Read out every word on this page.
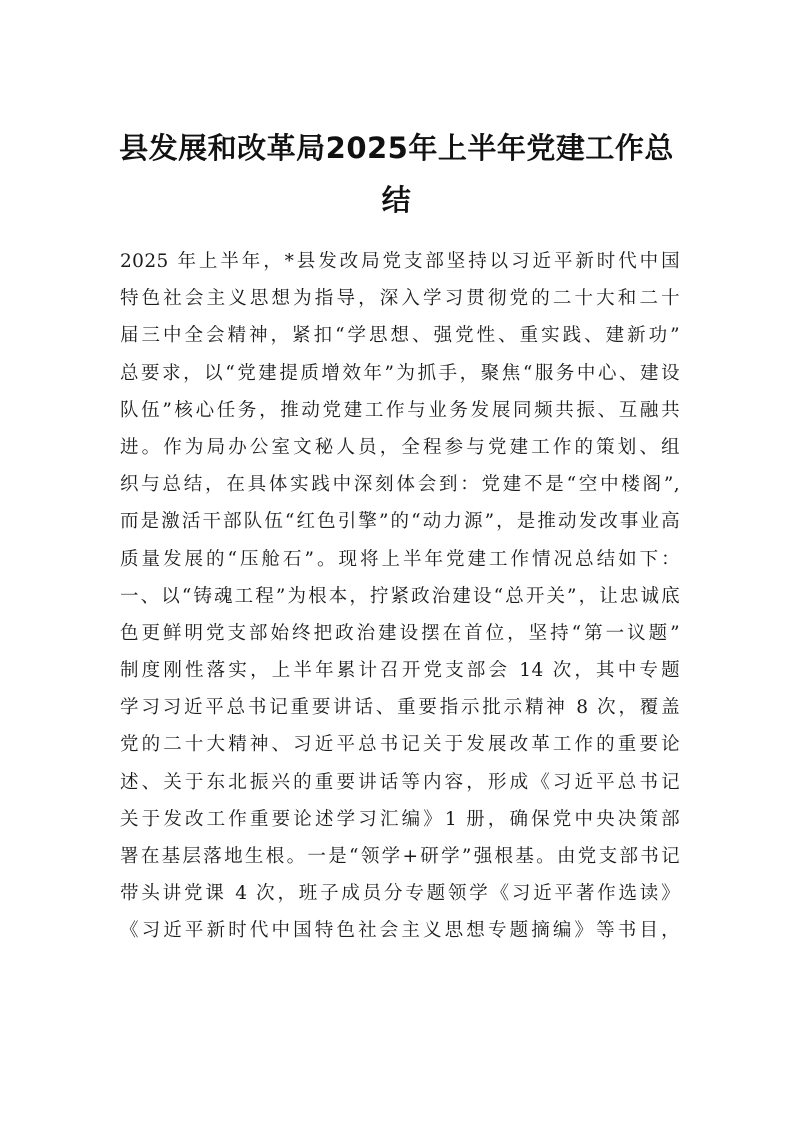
县发展和改革局2025年上半年党建工作总
结
2025 年上半年，*县发改局党支部坚持以习近平新时代中国
特色社会主义思想为指导，深入学习贯彻党的二十大和二十
届三中全会精神，紧扣“学思想、强党性、重实践、建新功”
总要求，以“党建提质增效年”为抓手，聚焦“服务中心、建设
队伍”核心任务，推动党建工作与业务发展同频共振、互融共
进。作为局办公室文秘人员，全程参与党建工作的策划、组
织与总结，在具体实践中深刻体会到：党建不是“空中楼阁”,
而是激活干部队伍“红色引擎”的“动力源”，是推动发改事业高
质量发展的“压舱石”。现将上半年党建工作情况总结如下：
一、以“铸魂工程”为根本，拧紧政治建设“总开关”，让忠诚底
色更鲜明党支部始终把政治建设摆在首位，坚持“第一议题”
制度刚性落实，上半年累计召开党支部会 14 次，其中专题
学习习近平总书记重要讲话、重要指示批示精神 8 次，覆盖
党的二十大精神、习近平总书记关于发展改革工作的重要论
述、关于东北振兴的重要讲话等内容，形成《习近平总书记
关于发改工作重要论述学习汇编》1 册，确保党中央决策部
署在基层落地生根。一是“领学+研学”强根基。由党支部书记
带头讲党课 4 次，班子成员分专题领学《习近平著作选读》
《习近平新时代中国特色社会主义思想专题摘编》等书目，
